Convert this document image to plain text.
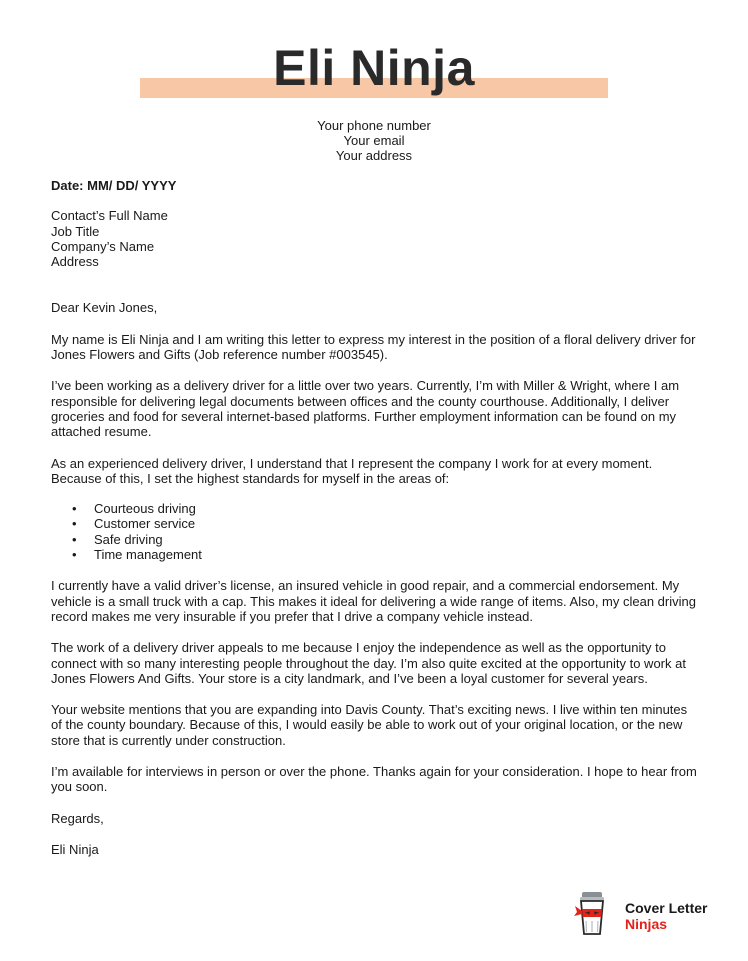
Eli Ninja
Your phone number
Your email
Your address

Date: MM/ DD/ YYYY

Contact’s Full Name
Job Title
Company’s Name
Address

Dear Kevin Jones,

My name is Eli Ninja and I am writing this letter to express my interest in the position of a floral delivery driver for Jones Flowers and Gifts (Job reference number #003545).

I’ve been working as a delivery driver for a little over two years. Currently, I’m with Miller & Wright, where I am responsible for delivering legal documents between offices and the county courthouse. Additionally, I deliver groceries and food for several internet-based platforms. Further employment information can be found on my attached resume.

As an experienced delivery driver, I understand that I represent the company I work for at every moment. Because of this, I set the highest standards for myself in the areas of:

• Courteous driving
• Customer service
• Safe driving
• Time management

I currently have a valid driver’s license, an insured vehicle in good repair, and a commercial endorsement. My vehicle is a small truck with a cap. This makes it ideal for delivering a wide range of items. Also, my clean driving record makes me very insurable if you prefer that I drive a company vehicle instead.

The work of a delivery driver appeals to me because I enjoy the independence as well as the opportunity to connect with so many interesting people throughout the day. I’m also quite excited at the opportunity to work at Jones Flowers And Gifts. Your store is a city landmark, and I’ve been a loyal customer for several years.

Your website mentions that you are expanding into Davis County. That’s exciting news. I live within ten minutes of the county boundary. Because of this, I would easily be able to work out of your original location, or the new store that is currently under construction.

I’m available for interviews in person or over the phone. Thanks again for your consideration. I hope to hear from you soon.

Regards,

Eli Ninja

Cover Letter
Ninjas
